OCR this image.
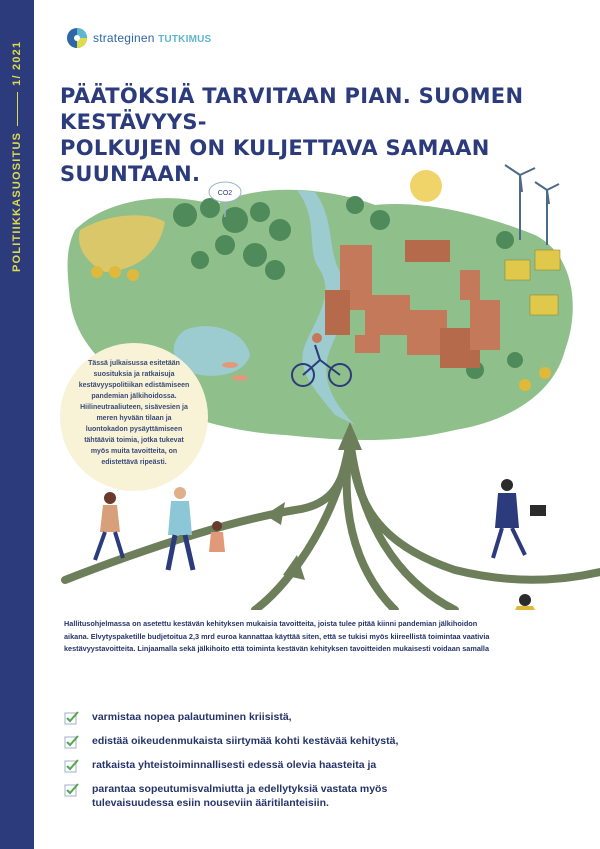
POLITIIKKASUOSITUS
1/ 2021
strateginen TUTKIMUS
PÄÄTÖKSIÄ TARVITAAN PIAN. SUOMEN KESTÄVYYS-
POLKUJEN ON KULJETTAVA SAMAAN SUUNTAAN.
CO2
Tässä julkaisussa esitetään suosituksia ja ratkaisuja kestävyyspolitiikan edistämiseen pandemian jälkihoidossa. Hiilineutraaliuteen, sisävesien ja meren hyvään tilaan ja luontokadon pysäyttämiseen tähtääviä toimia, jotka tukevat myös muita tavoitteita, on edistettävä ripeästi.

Hallitusohjelmassa on asetettu kestävän kehityksen mukaisia tavoitteita, joista tulee pitää kiinni pandemian jälkihoidon aikana. Elvytyspaketille budjetoitua 2,3 mrd euroa kannattaa käyttää siten, että se tukisi myös kiireellistä toimintaa vaativia kestävyystavoitteita. Linjaamalla sekä jälkihoito että toiminta kestävän kehityksen tavoitteiden mukaisesti voidaan samalla

varmistaa nopea palautuminen kriisistä,
edistää oikeudenmukaista siirtymää kohti kestävää kehitystä,
ratkaista yhteistoiminnallisesti edessä olevia haasteita ja
parantaa sopeutumisvalmiutta ja edellytyksiä vastata myös tulevaisuudessa esiin nouseviin ääritilanteisiin.
